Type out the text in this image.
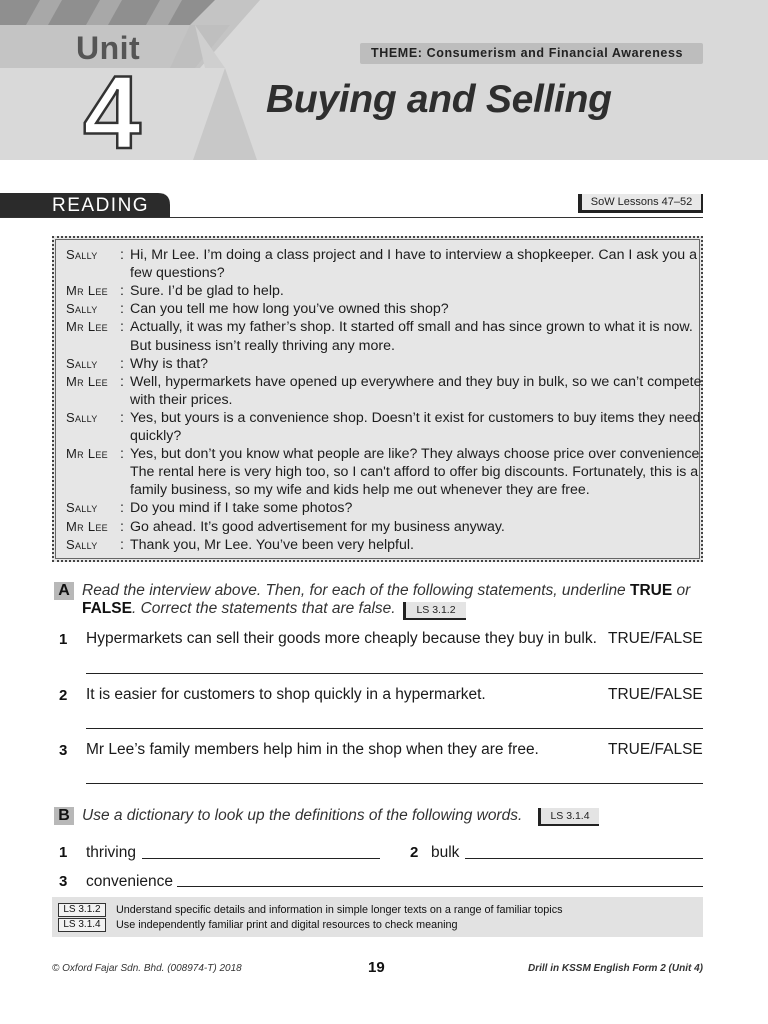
Unit
4
THEME: Consumerism and Financial Awareness
Buying and Selling
READING	SoW Lessons 47–52
Sally	: Hi, Mr Lee. I’m doing a class project and I have to interview a shopkeeper. Can I ask you a
few questions?
Mr Lee : Sure. I’d be glad to help.
Sally	: Can you tell me how long you’ve owned this shop?
Mr Lee : Actually, it was my father’s shop. It started off small and has since grown to what it is now.
But business isn’t really thriving any more.
Sally	: Why is that?
Mr Lee : Well, hypermarkets have opened up everywhere and they buy in bulk, so we can’t compete
with their prices.
Sally	: Yes, but yours is a convenience shop. Doesn’t it exist for customers to buy items they need
quickly?
Mr Lee : Yes, but don’t you know what people are like? They always choose price over convenience.
The rental here is very high too, so I can't afford to offer big discounts. Fortunately, this is a
family business, so my wife and kids help me out whenever they are free.
Sally	: Do you mind if I take some photos?
Mr Lee : Go ahead. It’s good advertisement for my business anyway.
Sally	: Thank you, Mr Lee. You’ve been very helpful.
A Read the interview above. Then, for each of the following statements, underline TRUE or
FALSE. Correct the statements that are false.	LS 3.1.2
1 Hypermarkets can sell their goods more cheaply because they buy in bulk. TRUE/FALSE
2 It is easier for customers to shop quickly in a hypermarket.	TRUE/FALSE
3 Mr Lee’s family members help him in the shop when they are free.	TRUE/FALSE
B Use a dictionary to look up the definitions of the following words.	LS 3.1.4
1 thriving	2 bulk
3 convenience
LS 3.1.2	Understand specific details and information in simple longer texts on a range of familiar topics
LS 3.1.4	Use independently familiar print and digital resources to check meaning
© Oxford Fajar Sdn. Bhd. (008974-T) 2018	19	Drill in KSSM English Form 2 (Unit 4)
